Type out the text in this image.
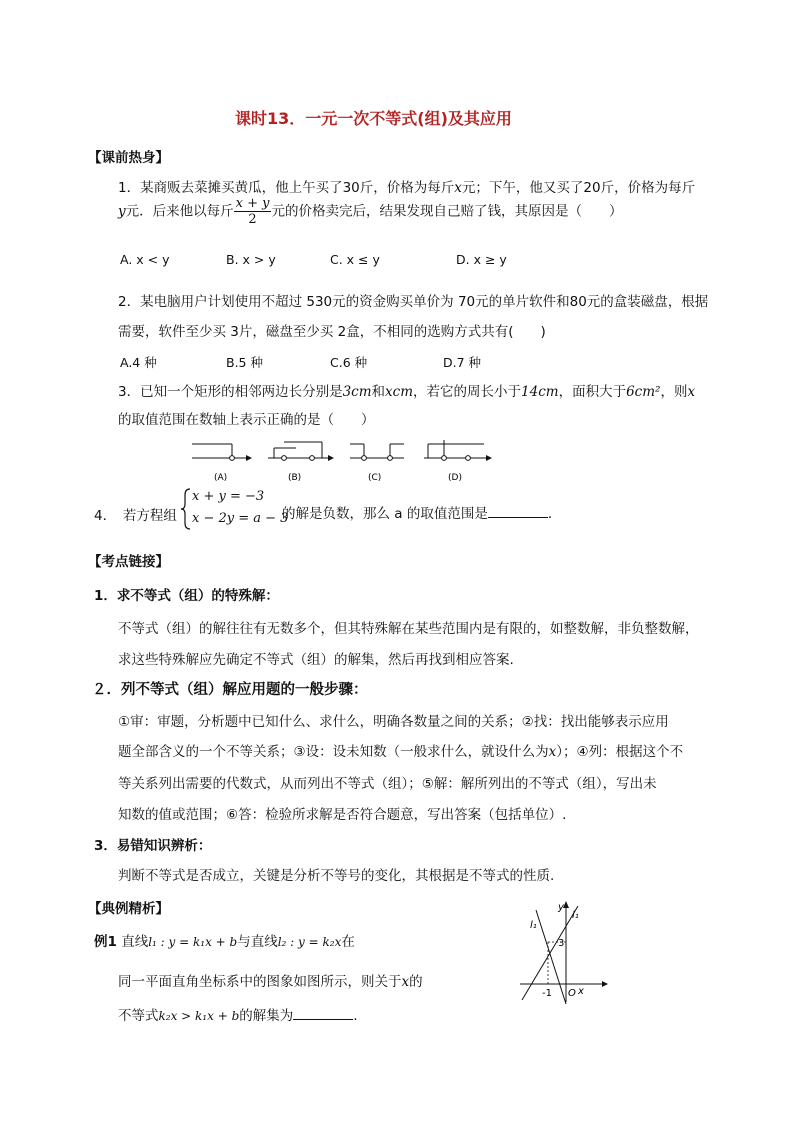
课时13．一元一次不等式(组)及其应用
【课前热身】
1．某商贩去菜摊买黄瓜，他上午买了30斤，价格为每斤x元；下午，他又买了20斤，价格为每斤
y元．后来他以每斤 $\frac{x + y}{2}$ 元的价格卖完后，结果发现自己赔了钱，其原因是（　　）
A. x < y	B. x > y	C. x ≤ y	D. x ≥ y
2．某电脑用户计划使用不超过 530元的资金购买单价为 70元的单片软件和80元的盒装磁盘，根据
需要，软件至少买 3片，磁盘至少买 2盒，不相同的选购方式共有(　　)
A.4 种	B.5 种	C.6 种	D.7 种
3．已知一个矩形的相邻两边长分别是3cm和xcm，若它的周长小于14cm，面积大于6cm²，则x
的取值范围在数轴上表示正确的是（　　）
(A)	(B)	(C)	(D)
4．　若方程组
x + y = −3
x − 2y = a − 3
的解是负数，那么 a 的取值范围是	．
【考点链接】
1．求不等式（组）的特殊解：
不等式（组）的解往往有无数多个，但其特殊解在某些范围内是有限的，如整数解，非负整数解，
求这些特殊解应先确定不等式（组）的解集，然后再找到相应答案.
２．列不等式（组）解应用题的一般步骤：
①审：审题，分析题中已知什么、求什么，明确各数量之间的关系；②找：找出能够表示应用
题全部含义的一个不等关系；③设：设未知数（一般求什么，就设什么为x）；④列：根据这个不
等关系列出需要的代数式，从而列出不等式（组）；⑤解：解所列出的不等式（组），写出未
知数的值或范围；⑥答：检验所求解是否符合题意，写出答案（包括单位）.
3．易错知识辨析：
判断不等式是否成立，关键是分析不等号的变化，其根据是不等式的性质.
【典例精析】
例1 直线l₁ : y = k₁x + b与直线l₂ : y = k₂x在
同一平面直角坐标系中的图象如图所示，则关于x的
不等式k₂x > k₁x + b的解集为	.
y
x
O
l₁
l₁
3
-1
